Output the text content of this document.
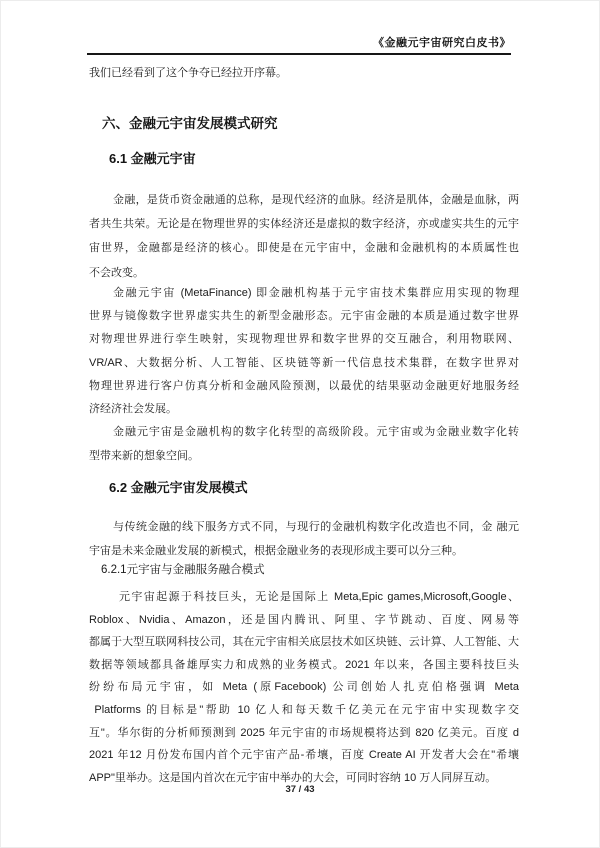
《金融元宇宙研究白皮书》
我们已经看到了这个争夺已经拉开序幕。
六、金融元宇宙发展模式研究
6.1 金融元宇宙
金融，是货币资金融通的总称，是现代经济的血脉。经济是肌体，金融是血脉，两
者共生共荣。无论是在物理世界的实体经济还是虚拟的数字经济，亦或虚实共生的元宇
宙世界，金融都是经济的核心。即使是在元宇宙中，金融和金融机构的本质属性也
不会改变。
金融元宇宙 (MetaFinance) 即金融机构基于元宇宙技术集群应用实现的物理
世界与镜像数字世界虚实共生的新型金融形态。元宇宙金融的本质是通过数字世界
对物理世界进行孪生映射，实现物理世界和数字世界的交互融合，利用物联网、
VR/AR、大数据分析、人工智能、区块链等新一代信息技术集群，在数字世界对
物理世界进行客户仿真分析和金融风险预测，以最优的结果驱动金融更好地服务经
济经济社会发展。
金融元宇宙是金融机构的数字化转型的高级阶段。元宇宙或为金融业数字化转
型带来新的想象空间。
6.2 金融元宇宙发展模式
与传统金融的线下服务方式不同，与现行的金融机构数字化改造也不同，金 融元
宇宙是未来金融业发展的新模式，根据金融业务的表现形成主要可以分三种。
6.2.1元宇宙与金融服务融合模式
元宇宙起源于科技巨头，无论是国际上 Meta,Epic games,Microsoft,Google、
Roblox、Nvidia、Amazon，还是国内腾讯、阿里、字节跳动、百度、网易等
都属于大型互联网科技公司，其在元宇宙相关底层技术如区块链、云计算、人工智能、大
数据等领域都具备雄厚实力和成熟的业务模式。2021 年以来，各国主要科技巨头
纷纷布局元宇宙，如 Meta (原Facebook) 公司创始人扎克伯格强调 Meta
Platforms 的目标是"帮助 10 亿人和每天数千亿美元在元宇宙中实现数字交
互"。华尔街的分析师预测到 2025 年元宇宙的市场规模将达到 820 亿美元。百度 d
2021 年12 月份发布国内首个元宇宙产品-希壤，百度 Create AI 开发者大会在"希壤
APP"里举办。这是国内首次在元宇宙中举办的大会，可同时容纳 10 万人同屏互动。
37 / 43
